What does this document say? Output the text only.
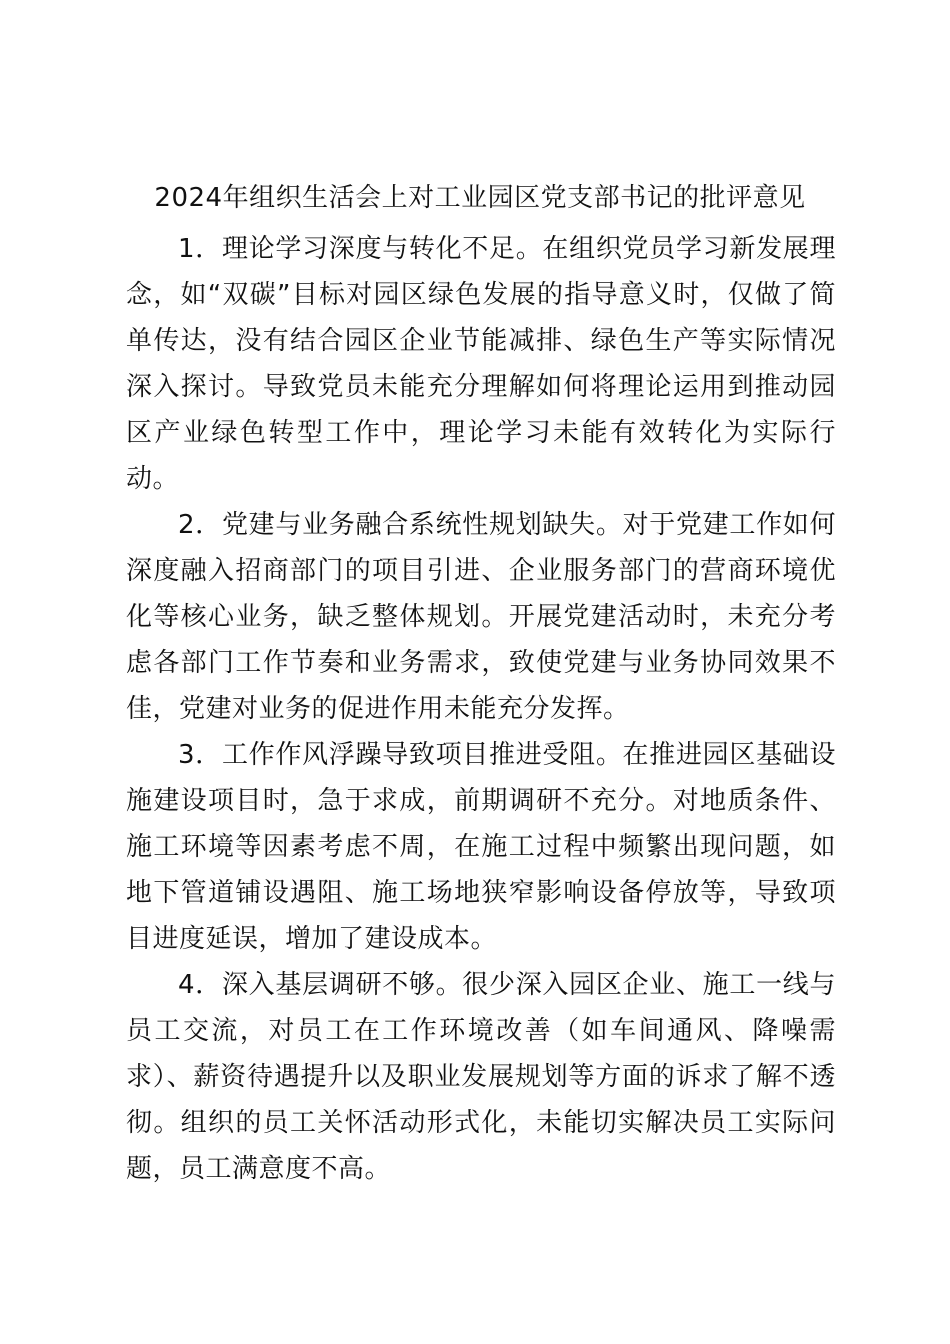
2024年组织生活会上对工业园区党支部书记的批评意见

1．理论学习深度与转化不足。在组织党员学习新发展理念，如“双碳”目标对园区绿色发展的指导意义时，仅做了简单传达，没有结合园区企业节能减排、绿色生产等实际情况深入探讨。导致党员未能充分理解如何将理论运用到推动园区产业绿色转型工作中，理论学习未能有效转化为实际行动。

2．党建与业务融合系统性规划缺失。对于党建工作如何深度融入招商部门的项目引进、企业服务部门的营商环境优化等核心业务，缺乏整体规划。开展党建活动时，未充分考虑各部门工作节奏和业务需求，致使党建与业务协同效果不佳，党建对业务的促进作用未能充分发挥。

3．工作作风浮躁导致项目推进受阻。在推进园区基础设施建设项目时，急于求成，前期调研不充分。对地质条件、施工环境等因素考虑不周，在施工过程中频繁出现问题，如地下管道铺设遇阻、施工场地狭窄影响设备停放等，导致项目进度延误，增加了建设成本。

4．深入基层调研不够。很少深入园区企业、施工一线与员工交流，对员工在工作环境改善（如车间通风、降噪需求）、薪资待遇提升以及职业发展规划等方面的诉求了解不透彻。组织的员工关怀活动形式化，未能切实解决员工实际问题，员工满意度不高。
